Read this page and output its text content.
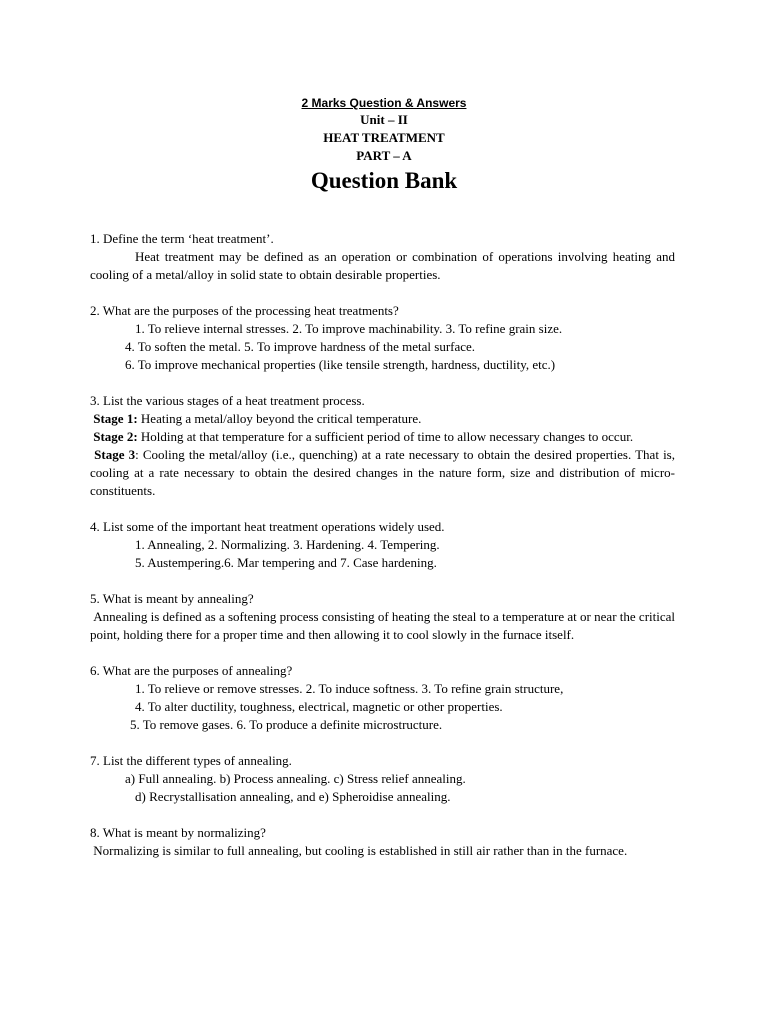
2 Marks Question & Answers
Unit – II
HEAT TREATMENT
PART – A
Question Bank

1. Define the term ‘heat treatment’.

Heat treatment may be defined as an operation or combination of operations involving heating and cooling of a metal/alloy in solid state to obtain desirable properties.

2. What are the purposes of the processing heat treatments?

1. To relieve internal stresses. 2. To improve machinability. 3. To refine grain size.

4. To soften the metal. 5. To improve hardness of the metal surface.

6. To improve mechanical properties (like tensile strength, hardness, ductility, etc.)

3. List the various stages of a heat treatment process.

Stage 1: Heating a metal/alloy beyond the critical temperature.

Stage 2: Holding at that temperature for a sufficient period of time to allow necessary changes to occur.

Stage 3: Cooling the metal/alloy (i.e., quenching) at a rate necessary to obtain the desired properties. That is, cooling at a rate necessary to obtain the desired changes in the nature form, size and distribution of micro-constituents.

4. List some of the important heat treatment operations widely used.

1. Annealing, 2. Normalizing. 3. Hardening. 4. Tempering.

5. Austempering.6. Mar tempering and 7. Case hardening.

5. What is meant by annealing?

Annealing is defined as a softening process consisting of heating the steal to a temperature at or near the critical point, holding there for a proper time and then allowing it to cool slowly in the furnace itself.

6. What are the purposes of annealing?

1. To relieve or remove stresses. 2. To induce softness. 3. To refine grain structure,

4. To alter ductility, toughness, electrical, magnetic or other properties.

5. To remove gases. 6. To produce a definite microstructure.

7. List the different types of annealing.

a) Full annealing. b) Process annealing. c) Stress relief annealing.

d) Recrystallisation annealing, and e) Spheroidise annealing.

8. What is meant by normalizing?

Normalizing is similar to full annealing, but cooling is established in still air rather than in the furnace.
